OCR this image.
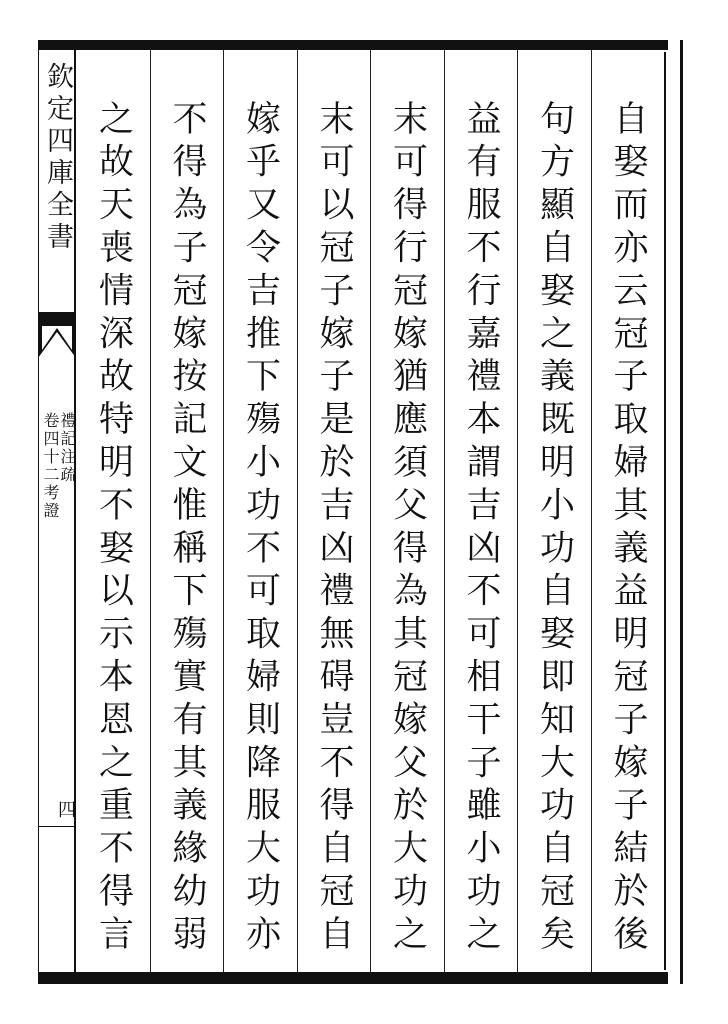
欽定四庫全書
禮記注疏
卷四十二考證
四	自娶而亦云冠子取婦其義益明冠子嫁子結於後
句方顯自娶之義既明小功自娶即知大功自冠矣
益有服不行嘉禮本謂吉凶不可相干子雖小功之
末可得行冠嫁猶應須父得為其冠嫁父於大功之
末可以冠子嫁子是於吉凶禮無碍豈不得自冠自
嫁乎又令吉推下殤小功不可取婦則降服大功亦
不得為子冠嫁按記文惟稱下殤實有其義緣幼弱
之故天喪情深故特明不娶以示本恩之重不得言
